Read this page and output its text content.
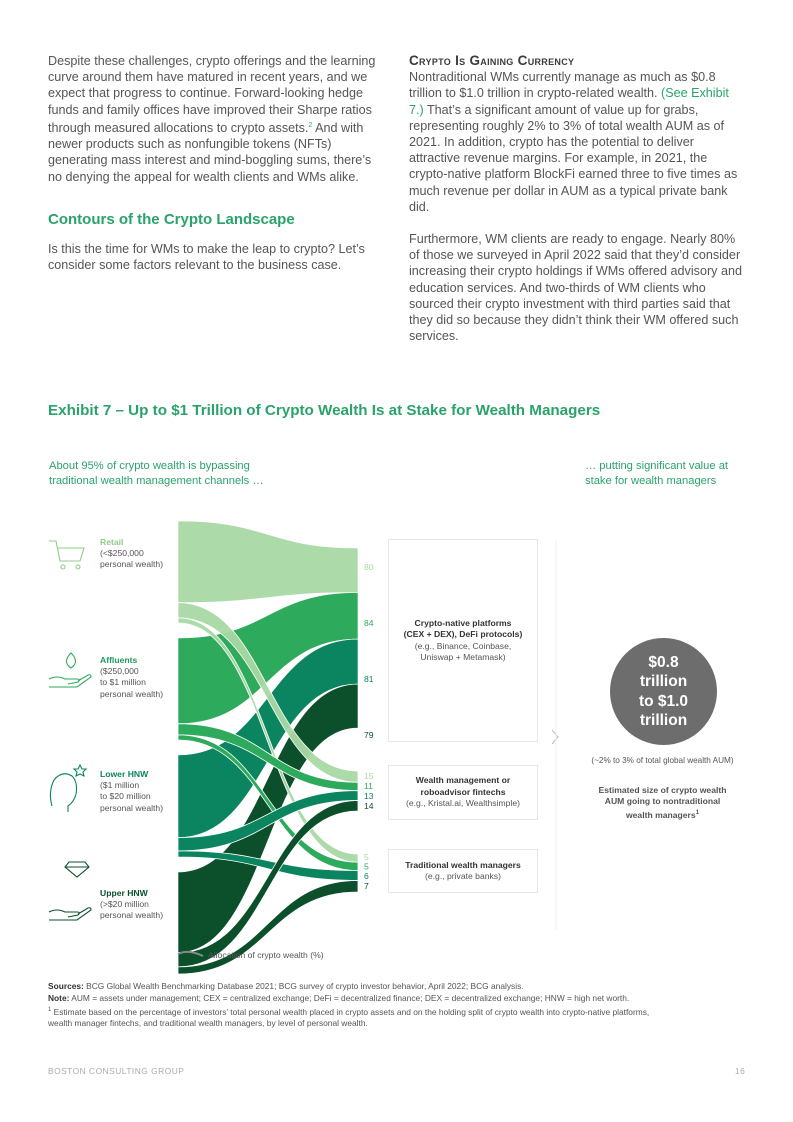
Despite these challenges, crypto offerings and the learning curve around them have matured in recent years, and we expect that progress to continue. Forward-looking hedge funds and family offices have improved their Sharpe ratios through measured allocations to crypto assets.$^2$ And with newer products such as nonfungible tokens (NFTs) generating mass interest and mind-boggling sums, there’s no denying the appeal for wealth clients and WMs alike.
Contours of the Crypto Landscape
Is this the time for WMs to make the leap to crypto? Let’s consider some factors relevant to the business case.
Crypto Is Gaining Currency
Nontraditional WMs currently manage as much as $0.8 trillion to $1.0 trillion in crypto-related wealth. (See Exhibit 7.) That’s a significant amount of value up for grabs, representing roughly 2% to 3% of total wealth AUM as of 2021. In addition, crypto has the potential to deliver attractive revenue margins. For example, in 2021, the crypto-native platform BlockFi earned three to five times as much revenue per dollar in AUM as a typical private bank did.
Furthermore, WM clients are ready to engage. Nearly 80% of those we surveyed in April 2022 said that they’d consider increasing their crypto holdings if WMs offered advisory and education services. And two-thirds of WM clients who sourced their crypto investment with third parties said that they did so because they didn’t think their WM offered such services.
Exhibit 7 – Up to $1 Trillion of Crypto Wealth Is at Stake for Wealth Managers
About 95% of crypto wealth is bypassing
traditional wealth management channels …
… putting significant value at
stake for wealth managers
80
15
5
84
11
5
81
13
6
79
14
7
Retail
(<$250,000
personal wealth)
Affluents
($250,000
to $1 million
personal wealth)
Lower HNW
($1 million
to $20 million
personal wealth)
Upper HNW
(>$20 million
personal wealth)
Crypto-native platforms
(CEX + DEX), DeFi protocols)
(e.g., Binance, Coinbase,
Uniswap + Metamask)
Wealth management or
roboadvisor fintechs
(e.g., Kristal.ai, Wealthsimple)
Traditional wealth managers
(e.g., private banks)
$0.8
trillion
to $1.0
trillion
(~2% to 3% of total global wealth AUM)
Estimated size of crypto wealth
AUM going to nontraditional
wealth managers$^1$
Allocation of crypto wealth (%)
Sources: BCG Global Wealth Benchmarking Database 2021; BCG survey of crypto investor behavior, April 2022; BCG analysis.
Note: AUM = assets under management; CEX = centralized exchange; DeFi = decentralized finance; DEX = decentralized exchange; HNW = high net worth.
$^1$ Estimate based on the percentage of investors’ total personal wealth placed in crypto assets and on the holding split of crypto wealth into crypto-native platforms,
wealth manager fintechs, and traditional wealth managers, by level of personal wealth.
BOSTON CONSULTING GROUP	16
